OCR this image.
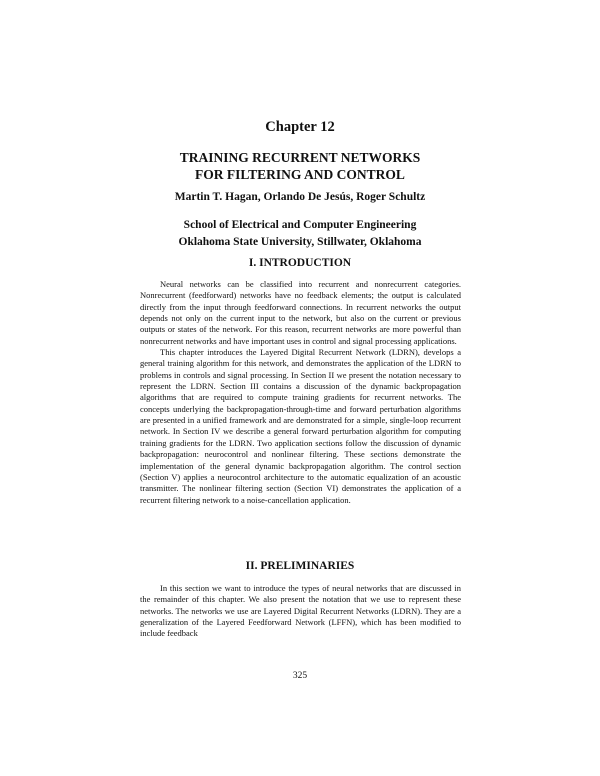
Chapter 12
TRAINING RECURRENT NETWORKS
FOR FILTERING AND CONTROL
Martin T. Hagan, Orlando De Jesús, Roger Schultz
School of Electrical and Computer Engineering
Oklahoma State University, Stillwater, Oklahoma
I. INTRODUCTION

Neural networks can be classified into recurrent and nonrecurrent categories. Nonrecurrent (feedforward) networks have no feedback elements; the output is calculated directly from the input through feedforward connections. In recurrent networks the output depends not only on the current input to the network, but also on the current or previous outputs or states of the network. For this reason, recurrent networks are more powerful than nonrecurrent networks and have important uses in control and signal processing applications.

This chapter introduces the Layered Digital Recurrent Network (LDRN), develops a general training algorithm for this network, and demonstrates the application of the LDRN to problems in controls and signal processing. In Section II we present the notation necessary to represent the LDRN. Section III contains a discussion of the dynamic backpropagation algorithms that are required to compute training gradients for recurrent networks. The concepts underlying the backpropagation-through-time and forward perturbation algorithms are presented in a unified framework and are demonstrated for a simple, single-loop recurrent network. In Section IV we describe a general forward perturbation algorithm for computing training gradients for the LDRN. Two application sections follow the discussion of dynamic backpropagation: neurocontrol and nonlinear filtering. These sections demonstrate the implementation of the general dynamic backpropagation algorithm. The control section (Section V) applies a neurocontrol architecture to the automatic equalization of an acoustic transmitter. The nonlinear filtering section (Section VI) demonstrates the application of a recurrent filtering network to a noise-cancellation application.

II. PRELIMINARIES

In this section we want to introduce the types of neural networks that are discussed in the remainder of this chapter. We also present the notation that we use to represent these networks. The networks we use are Layered Digital Recurrent Networks (LDRN). They are a generalization of the Layered Feedforward Network (LFFN), which has been modified to include feedback

325
